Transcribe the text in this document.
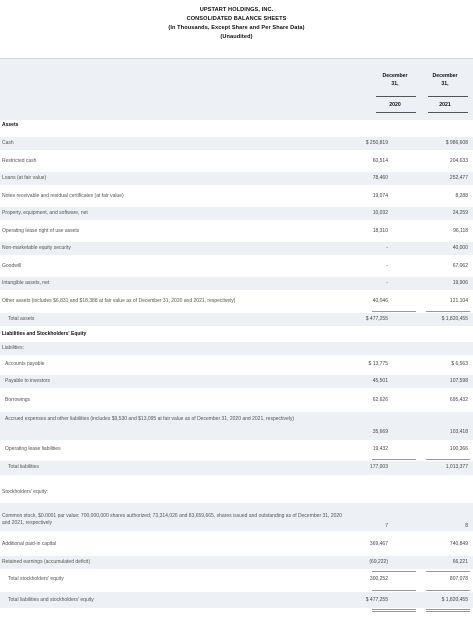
UPSTART HOLDINGS, INC.
CONSOLIDATED BALANCE SHEETS
(In Thousands, Except Share and Per Share Data)
(Unaudited)
December
31,
2020
December
31,
2021
Assets
Cash	$ 250,819	$ 986,608
Restricted cash	60,514	204,633
Loans (at fair value)	78,460	252,477
Notes receivable and residual certificates (at fair value)	19,074	8,288
Property, equipment, and software, net	10,032	24,259
Operating lease right of use assets	18,310	96,118
Non-marketable equity security	-	40,000
Goodwill	-	67,062
Intangible assets, net	-	19,906
Other assets (includes $6,831 and $18,388 at fair value as of December 31, 2020 and 2021, respectively)	40,046	121,104
Total assets	$ 477,255	$ 1,820,455
Liabilities and Stockholders' Equity
Liabilities:
Accounts payable	$ 13,775	$ 6,563
Payable to investors	45,501	107,598
Borrowings	62,626	695,432
Accrued expenses and other liabilities (includes $9,530 and $13,095 at fair value as of December 31, 2020 and 2021, respectively)
35,669	103,418
Operating lease liabilities	19,432	100,366
Total liabilities	177,003	1,013,377
Stockholders' equity:
Common stock, $0.0001 par value; 700,000,000 shares authorized; 73,314,026 and 83,659,665, shares issued and outstanding as of December 31, 2020 and 2021, respectively	7	8
Additional paid-in capital	369,467	740,849
Retained earnings (accumulated deficit)	(69,222)	66,221
Total stockholders' equity	300,252	807,078
Total liabilities and stockholders' equity	$ 477,255	$ 1,820,455
